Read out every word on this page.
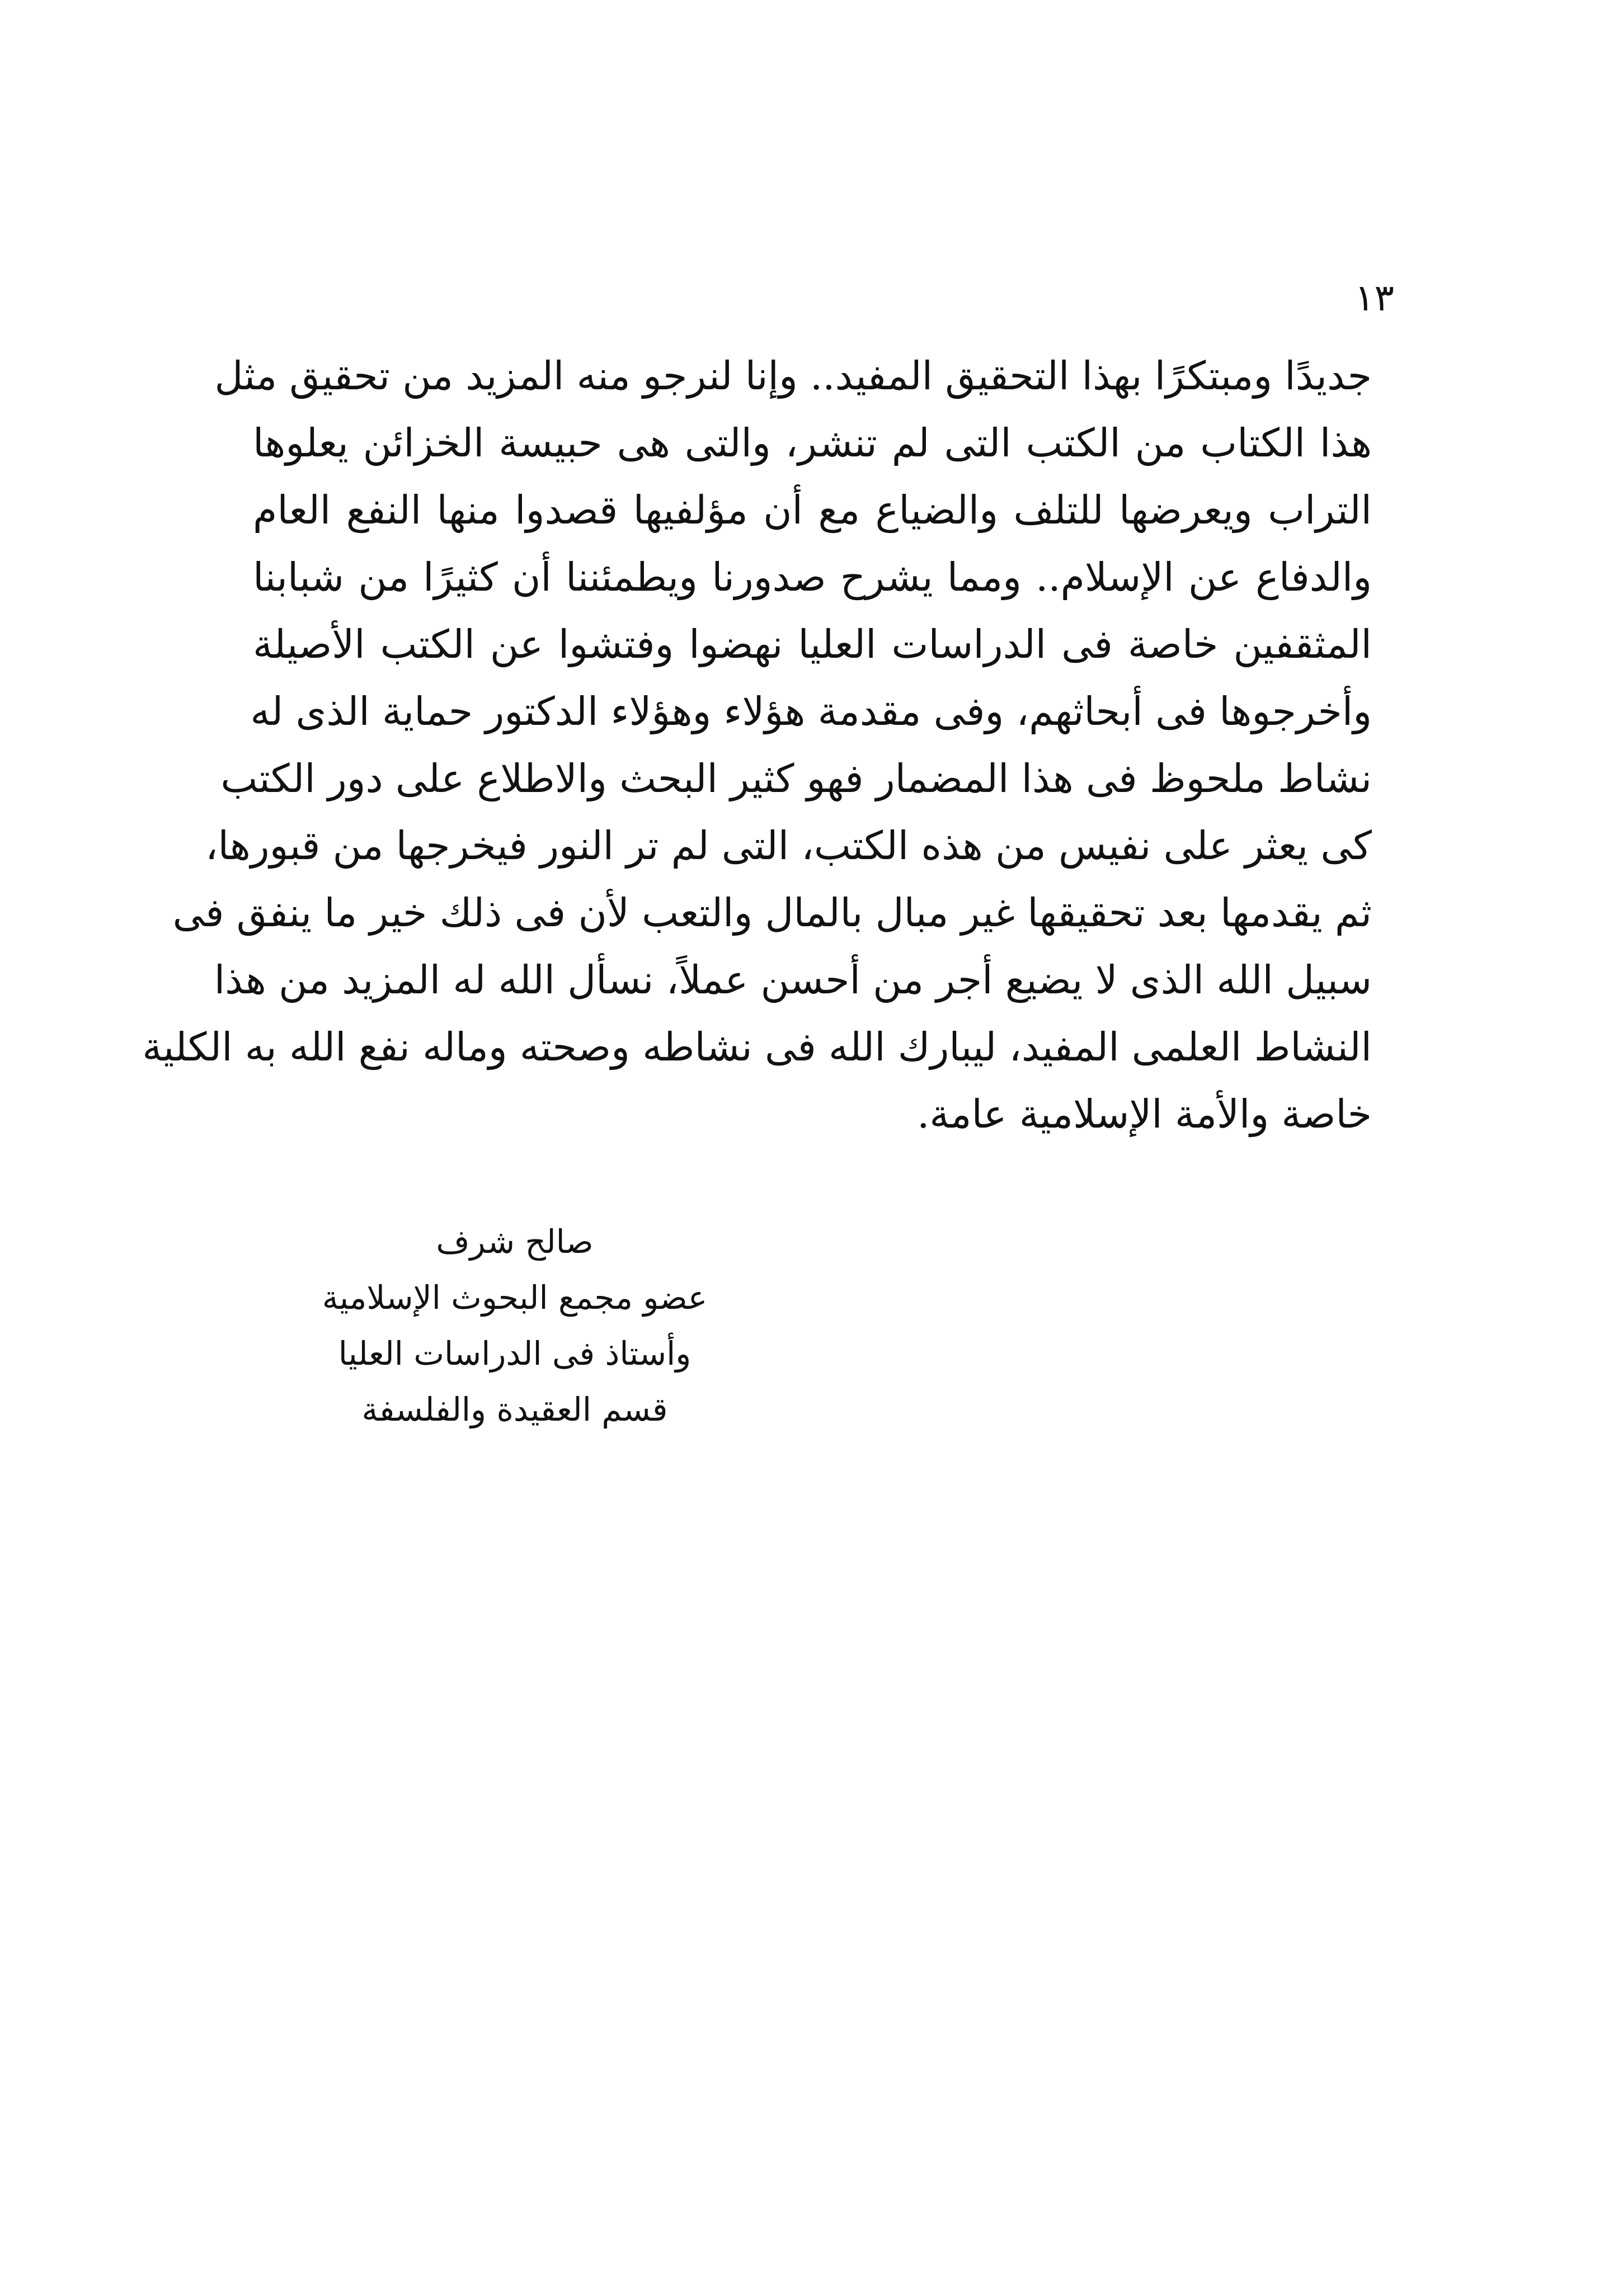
١٣
جديدًا ومبتكرًا بهذا التحقيق المفيد.. وإنا لنرجو منه المزيد من تحقيق مثل
هذا الكتاب من الكتب التى لم تنشر، والتى هى حبيسة الخزائن يعلوها
التراب ويعرضها للتلف والضياع مع أن مؤلفيها قصدوا منها النفع العام
والدفاع عن الإسلام.. ومما يشرح صدورنا ويطمئننا أن كثيرًا من شبابنا
المثقفين خاصة فى الدراسات العليا نهضوا وفتشوا عن الكتب الأصيلة
وأخرجوها فى أبحاثهم، وفى مقدمة هؤلاء وهؤلاء الدكتور حماية الذى له
نشاط ملحوظ فى هذا المضمار فهو كثير البحث والاطلاع على دور الكتب
كى يعثر على نفيس من هذه الكتب، التى لم تر النور فيخرجها من قبورها،
ثم يقدمها بعد تحقيقها غير مبال بالمال والتعب لأن فى ذلك خير ما ينفق فى
سبيل الله الذى لا يضيع أجر من أحسن عملاً، نسأل الله له المزيد من هذا
النشاط العلمى المفيد، ليبارك الله فى نشاطه وصحته وماله نفع الله به الكلية
خاصة والأمة الإسلامية عامة.
صالح شرف
عضو مجمع البحوث الإسلامية
وأستاذ فى الدراسات العليا
قسم العقيدة والفلسفة
